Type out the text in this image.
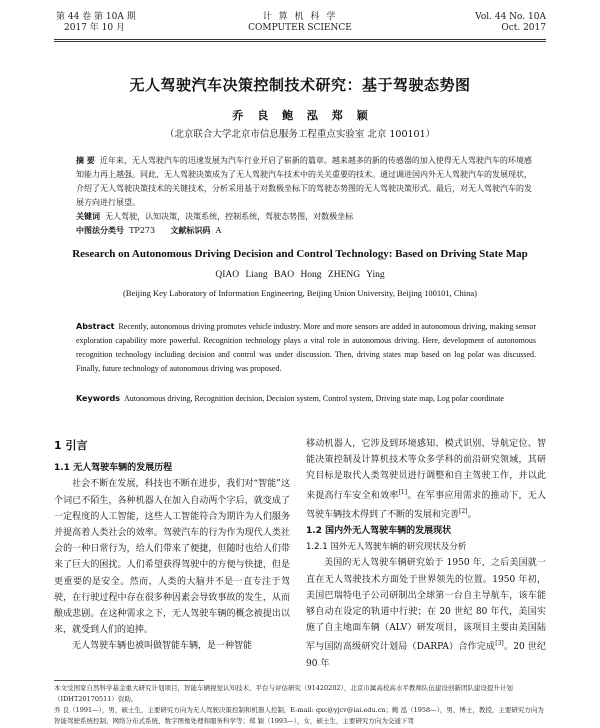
第 44 卷 第 10A 期
2017 年 10 月
计 算 机 科 学
COMPUTER SCIENCE
Vol. 44 No. 10A
Oct. 2017
无人驾驶汽车决策控制技术研究：基于驾驶态势图
乔 良 鲍 泓 郑 颖
（北京联合大学北京市信息服务工程重点实验室 北京 100101）
摘 要 近年来，无人驾驶汽车的迅速发展为汽车行业开启了崭新的篇章。越来越多的新的传感器的加入使得无人驾驶汽车的环境感知能力再上越强。同此，无人驾驶决策成为了无人驾驶汽车技术中的关关重要的技术。通过调进国内外无人驾驶汽车的发展现状，介绍了无人驾驶决策技术的关键技术，分析采用基于对数极坐标下的驾驶态势图的无人驾驶决策形式。最后，对无人驾驶汽车的发展方向进行展望。
关键词 无人驾驶，认知决策，决策系统，控制系统，驾驶态势图，对数极坐标
中图法分类号 TP273 文献标识码 A
Research on Autonomous Driving Decision and Control Technology: Based on Driving State Map
QIAO Liang BAO Hong ZHENG Ying
(Beijing Key Laboratory of Information Engineering, Beijing Union University, Beijing 100101, China)
Abstract Recently, autonomous driving promotes vehicle industry. More and more sensors are added in autonomous driving, making sensor exploration capability more powerful. Recognition technology plays a vital role in autonomous driving. Here, development of autonomous recognition technology including decision and control was under discussion. Then, driving states map based on log polar was discussed. Finally, future technology of autonomous driving was proposed.
Keywords Autonomous driving, Recognition decision, Decision system, Control system, Driving state map, Log polar coordinate
1 引言
1.1 无人驾驶车辆的发展历程
社会不断在发展，科技也不断在进步，我们对“智能”这个词已不陌生，各种机器人在加入自动两个字后，就变成了一定程度的人工智能，这些人工智能符合为期许为人们服务并提高着人类社会的效率。驾驶汽车的行为作为现代人类社会的一种日常行为，给人们带来了便捷，但随时也给人们带来了巨大的困扰。人们希望获得驾驶中的方便与快捷，但是更重要的是安全。然而，人类的大脑并不是一直专注于驾驶，在行驶过程中存在很多种因素会导致事故的发生，从而酿成悲剧。在这种需求之下，无人驾驶车辆的概念被提出以来，就受到人们的追捧。
无人驾驶车辆也被叫做智能车辆，是一种智能
移动机器人，它涉及到环境感知、模式识别、导航定位、智能决策控制及计算机技术等众多学科的前沿研究领域，其研究目标是取代人类驾驶员进行调整和自主驾驶工作，并以此来提高行车安全和效率[1]。在军事应用需求的推动下，无人驾驶车辆技术得到了不断的发展和完善[2]。
1.2 国内外无人驾驶车辆的发展现状
1.2.1 国外无人驾驶车辆的研究现状及分析
美国的无人驾驶车辆研究始于 1950 年，之后美国就一直在无人驾驶技术方面处于世界领先的位置。1950 年初，美国巴瑞特电子公司研制出全球第一台自主导航车，该车能够自动在设定的轨道中行驶；在 20 世纪 80 年代，美国实施了自主地面车辆（ALV）研发项目，该项目主要由美国陆军与国防高级研究计划局（DARPA）合作完成[3]。20 世纪 90 年
本文受国家自然科学基金重大研究计划项目，智能车辆视觉认知技术、平台与评估研究（91420202），北京市属高校高水平教师队伍建设创新团队建设提升计划（IDHT20170511）资助。
乔 良（1991—），男，硕士生，主要研究方向为无人驾驶决策控制和机器人控制，E-mail: qxc@yjcv@iai.edu.cn；鲍 泓（1958—），男，博士，教授，主要研究方向为智能驾驶系统控制、网络分布式系统、数字图像处理和服务科学等；郑 颖（1993—），女，硕士生，主要研究方向为交通下驾
